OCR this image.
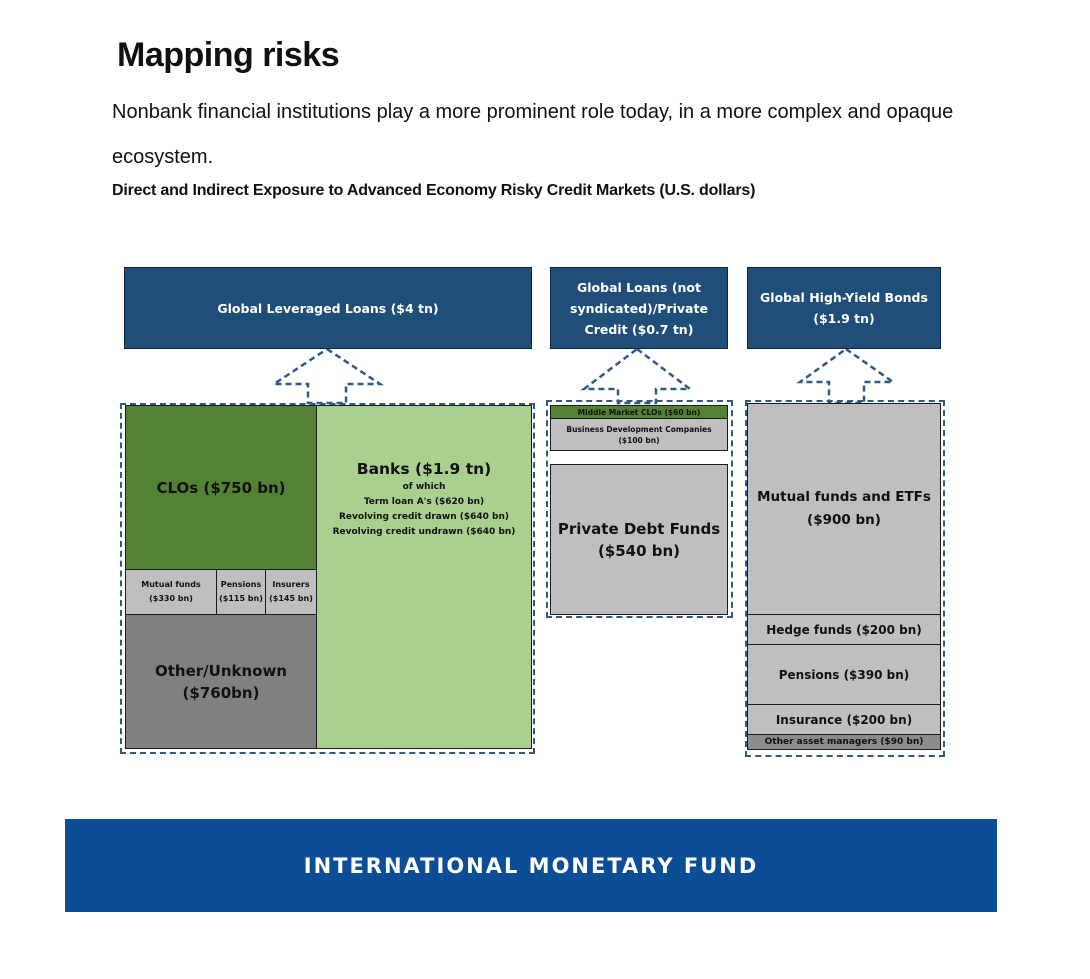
Mapping risks
Nonbank financial institutions play a more prominent role today, in a more complex and opaque ecosystem.
Direct and Indirect Exposure to Advanced Economy Risky Credit Markets (U.S. dollars)
Global Leveraged Loans ($4 tn)
CLOs ($750 bn)
Mutual funds
($330 bn)
Pensions
($115 bn)
Insurers
($145 bn)
Other/Unknown
($760bn)
Banks ($1.9 tn)
of which
Term loan A's ($620 bn)
Revolving credit drawn ($640 bn)
Revolving credit undrawn ($640 bn)
Global Loans (not
syndicated)/Private
Credit ($0.7 tn)
Middle Market CLOs ($60 bn)
Business Development Companies
($100 bn)
Private Debt Funds
($540 bn)
Global High-Yield Bonds
($1.9 tn)
Mutual funds and ETFs
($900 bn)
Hedge funds ($200 bn)
Pensions ($390 bn)
Insurance ($200 bn)
Other asset managers ($90 bn)
INTERNATIONAL MONETARY FUND
